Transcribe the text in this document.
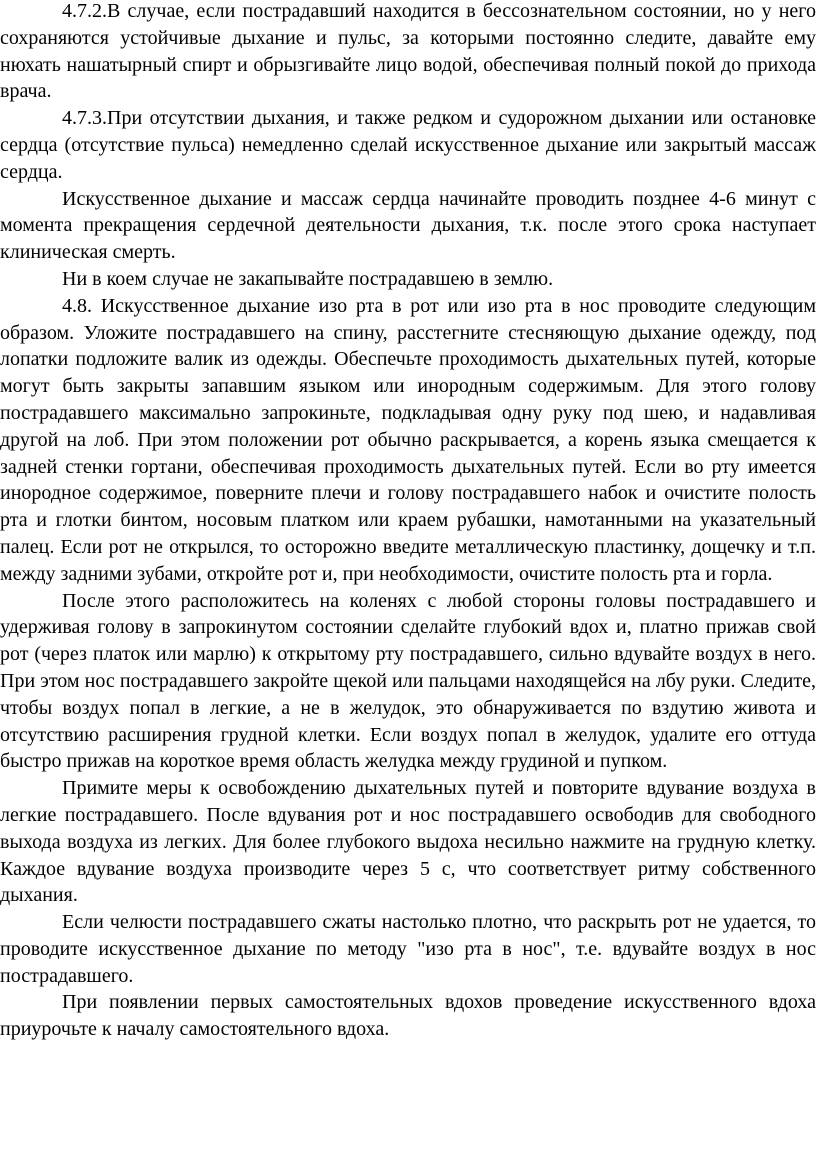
4.7.2.В случае, если пострадавший находится в бессознательном состоянии, но у него сохраняются устойчивые дыхание и пульс, за которыми постоянно следите, давайте ему нюхать нашатырный спирт и обрызгивайте лицо водой, обеспечивая полный покой до прихода врача.

4.7.3.При отсутствии дыхания, и также редком и судорожном дыхании или остановке сердца (отсутствие пульса) немедленно сделай искусственное дыхание или закрытый массаж сердца.

Искусственное дыхание и массаж сердца начинайте проводить позднее 4-6 минут с момента прекращения сердечной деятельности дыхания, т.к. после этого срока наступает клиническая смерть.

Ни в коем случае не закапывайте пострадавшею в землю.

4.8. Искусственное дыхание изо рта в рот или изо рта в нос проводите следующим образом. Уложите пострадавшего на спину, расстегните стесняющую дыхание одежду, под лопатки подложите валик из одежды. Обеспечьте проходимость дыхательных путей, которые могут быть закрыты запавшим языком или инородным содержимым. Для этого голову пострадавшего максимально запрокиньте, подкладывая одну руку под шею, и надавливая другой на лоб. При этом положении рот обычно раскрывается, а корень языка смещается к задней стенки гортани, обеспечивая проходимость дыхательных путей. Если во рту имеется инородное содержимое, поверните плечи и голову пострадавшего набок и очистите полость рта и глотки бинтом, носовым платком или краем рубашки, намотанными на указательный палец. Если рот не открылся, то осторожно введите металлическую пластинку, дощечку и т.п. между задними зубами, откройте рот и, при необходимости, очистите полость рта и горла.

После этого расположитесь на коленях с любой стороны головы пострадавшего и удерживая голову в запрокинутом состоянии сделайте глубокий вдох и, платно прижав свой рот (через платок или марлю) к открытому рту пострадавшего, сильно вдувайте воздух в него. При этом нос пострадавшего закройте щекой или пальцами находящейся на лбу руки. Следите, чтобы воздух попал в легкие, а не в желудок, это обнаруживается по вздутию живота и отсутствию расширения грудной клетки. Если воздух попал в желудок, удалите его оттуда быстро прижав на короткое время область желудка между грудиной и пупком.

Примите меры к освобождению дыхательных путей и повторите вдувание воздуха в легкие пострадавшего. После вдувания рот и нос пострадавшего освободив для свободного выхода воздуха из легких. Для более глубокого выдоха несильно нажмите на грудную клетку. Каждое вдувание воздуха производите через 5 с, что соответствует ритму собственного дыхания.

Если челюсти пострадавшего сжаты настолько плотно, что раскрыть рот не удается, то проводите искусственное дыхание по методу "изо рта в нос", т.е. вдувайте воздух в нос пострадавшего.

При появлении первых самостоятельных вдохов проведение искусственного вдоха приурочьте к началу самостоятельного вдоха.
